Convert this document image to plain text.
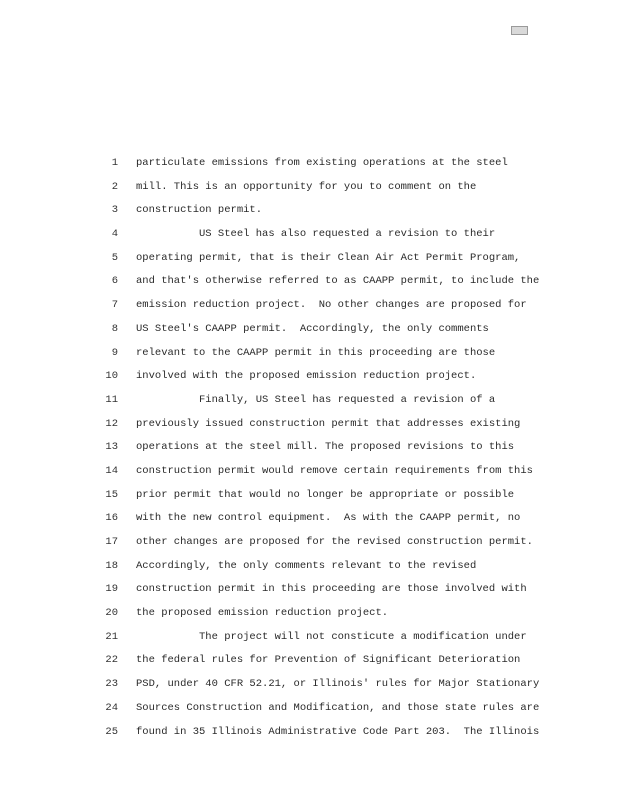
1 particulate emissions from existing operations at the steel
2 mill. This is an opportunity for you to comment on the
3 construction permit.
4 US Steel has also requested a revision to their
5 operating permit, that is their Clean Air Act Permit Program,
6 and that's otherwise referred to as CAAPP permit, to include the
7 emission reduction project.  No other changes are proposed for
8 US Steel's CAAPP permit.  Accordingly, the only comments
9 relevant to the CAAPP permit in this proceeding are those
10 involved with the proposed emission reduction project.
11 Finally, US Steel has requested a revision of a
12 previously issued construction permit that addresses existing
13 operations at the steel mill. The proposed revisions to this
14 construction permit would remove certain requirements from this
15 prior permit that would no longer be appropriate or possible
16 with the new control equipment.  As with the CAAPP permit, no
17 other changes are proposed for the revised construction permit.
18 Accordingly, the only comments relevant to the revised
19 construction permit in this proceeding are those involved with
20 the proposed emission reduction project.
21 The project will not consticute a modification under
22 the federal rules for Prevention of Significant Deterioration
23 PSD, under 40 CFR 52.21, or Illinois' rules for Major Stationary
24 Sources Construction and Modification, and those state rules are
25 found in 35 Illinois Administrative Code Part 203.  The Illinois
